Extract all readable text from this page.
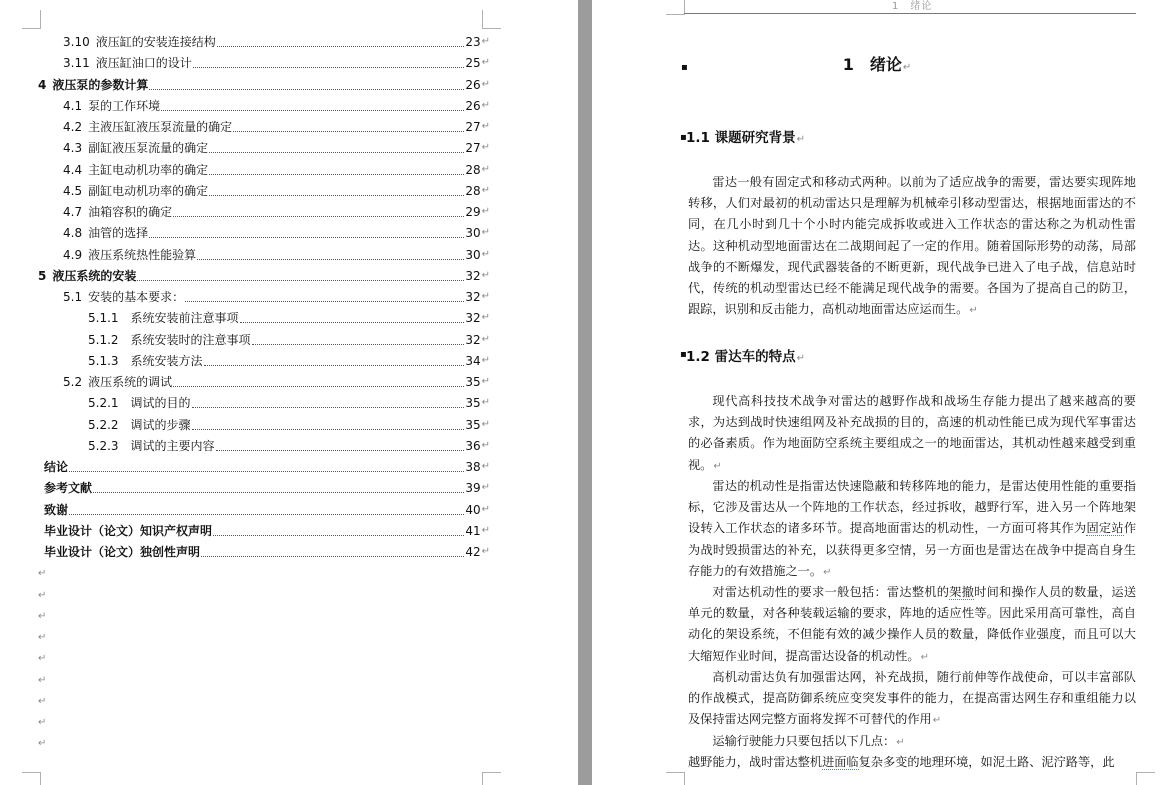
3.10 液压缸的安装连接结构	23 ↵
3.11 液压缸油口的设计	25 ↵
4 液压泵的参数计算	26 ↵
4.1 泵的工作环境	26 ↵
4.2 主液压缸液压泵流量的确定	27 ↵
4.3 副缸液压泵流量的确定	27 ↵
4.4 主缸电动机功率的确定	28 ↵
4.5 副缸电动机功率的确定	28 ↵
4.7 油箱容积的确定	29 ↵
4.8 油管的选择	30 ↵
4.9 液压系统热性能验算	30 ↵
5 液压系统的安装	32 ↵
5.1 安装的基本要求：	32 ↵
5.1.1 系统安装前注意事项	32 ↵
5.1.2 系统安装时的注意事项	32 ↵
5.1.3 系统安装方法	34 ↵
5.2 液压系统的调试	35 ↵
5.2.1 调试的目的	35 ↵
5.2.2 调试的步骤	35 ↵
5.2.3 调试的主要内容	36 ↵
结论	38 ↵
参考文献	39 ↵
致谢	40 ↵
毕业设计（论文）知识产权声明	41 ↵
毕业设计（论文）独创性声明	42 ↵
↵
↵
↵
↵
↵
↵
↵
↵
↵
1　绪论
▪	1　绪论↵
▪ 1.1 课题研究背景↵

雷达一般有固定式和移动式两种。以前为了适应战争的需要，雷达要实现阵地转移，人们对最初的机动雷达只是理解为机械牵引移动型雷达，根据地面雷达的不同，在几小时到几十个小时内能完成拆收或进入工作状态的雷达称之为机动性雷达。这种机动型地面雷达在二战期间起了一定的作用。随着国际形势的动荡，局部战争的不断爆发，现代武器装备的不断更新，现代战争已进入了电子战，信息站时代，传统的机动型雷达已经不能满足现代战争的需要。各国为了提高自己的防卫，跟踪，识别和反击能力，高机动地面雷达应运而生。↵

▪ 1.2 雷达车的特点↵

现代高科技技术战争对雷达的越野作战和战场生存能力提出了越来越高的要求，为达到战时快速组网及补充战损的目的，高速的机动性能已成为现代军事雷达的必备素质。作为地面防空系统主要组成之一的地面雷达，其机动性越来越受到重视。↵

雷达的机动性是指雷达快速隐蔽和转移阵地的能力，是雷达使用性能的重要指标，它涉及雷达从一个阵地的工作状态，经过拆收，越野行军，进入另一个阵地架设转入工作状态的诸多环节。提高地面雷达的机动性，一方面可将其作为固定站作为战时毁损雷达的补充，以获得更多空情，另一方面也是雷达在战争中提高自身生存能力的有效措施之一。↵

对雷达机动性的要求一般包括：雷达整机的架撤时间和操作人员的数量，运送单元的数量，对各种装载运输的要求，阵地的适应性等。因此采用高可靠性，高自动化的架设系统，不但能有效的减少操作人员的数量，降低作业强度，而且可以大大缩短作业时间，提高雷达设备的机动性。↵

高机动雷达负有加强雷达网，补充战损，随行前伸等作战使命，可以丰富部队的作战模式，提高防御系统应变突发事件的能力，在提高雷达网生存和重组能力以及保持雷达网完整方面将发挥不可替代的作用↵

运输行驶能力只要包括以下几点：↵

越野能力，战时雷达整机进面临复杂多变的地理环境，如泥土路、泥泞路等，此
